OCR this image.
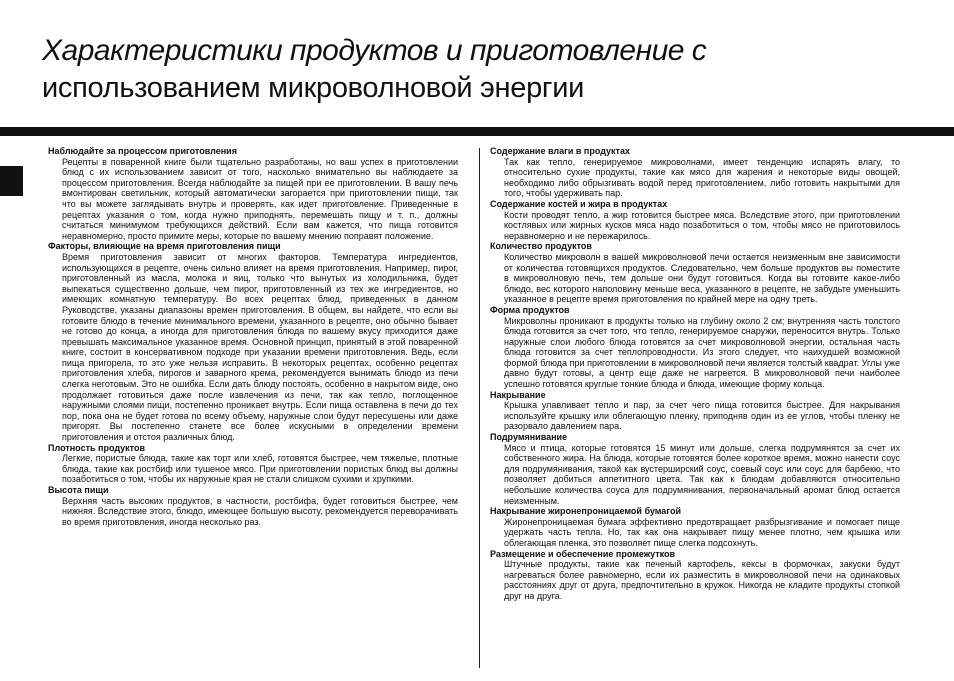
Характеристики продуктов и приготовление с
использованием микроволновой энергии
Наблюдайте за процессом приготовления

Рецепты в поваренной книге были тщательно разработаны, но ваш успех в приготовлении блюд с их использованием зависит от того, насколько внимательно вы наблюдаете за процессом приготовления. Всегда наблюдайте за пищей при ее приготовлении. В вашу печь вмонтирован светильник, который автоматически загорается при приготовлении пищи, так что вы можете заглядывать внутрь и проверять, как идет приготовление. Приведенные в рецептах указания о том, когда нужно приподнять, перемешать пищу и т. п., должны считаться минимумом требующихся действий. Если вам кажется, что пища готовится неравномерно, просто примите меры, которые по вашему мнению поправят положение.

Факторы, влияющие на время приготовления пищи

Время приготовления зависит от многих факторов. Температура ингредиентов, использующихся в рецепте, очень сильно влияет на время приготовления. Например, пирог, приготовленный из масла, молока и яиц, только что вынутых из холодильника, будет выпекаться существенно дольше, чем пирог, приготовленный из тех же ингредиентов, но имеющих комнатную температуру. Во всех рецептах блюд, приведенных в данном Руководстве, указаны диапазоны времен приготовления. В общем, вы найдете, что если вы готовите блюдо в течение минимального времени, указанного в рецепте, оно обычно бывает не готово до конца, а иногда для приготовления блюда по вашему вкусу приходится даже превышать максимальное указанное время. Основной принцип, принятый в этой поваренной книге, состоит в консервативном подходе при указании времени приготовления. Ведь, если пища пригорела, то это уже нельзя исправить. В некоторых рецептах, особенно рецептах приготовления хлеба, пирогов и заварного крема, рекомендуется вынимать блюдо из печи слегка неготовым. Это не ошибка. Если дать блюду постоять, особенно в накрытом виде, оно продолжает готовиться даже после извлечения из печи, так как тепло, поглощенное наружными слоями пищи, постепенно проникает внутрь. Если пища оставлена в печи до тех пор, пока она не будет готова по всему объему, наружные слои будут пересушены или даже пригорят. Вы постепенно станете все более искусными в определении времени приготовления и отстоя различных блюд.

Плотность продуктов

Легкие, пористые блюда, такие как торт или хлеб, готовятся быстрее, чем тяжелые, плотные блюда, такие как ростбиф или тушеное мясо. При приготовлении пористых блюд вы должны позаботиться о том, чтобы их наружные края не стали слишком сухими и хрупкими.

Высота пищи

Верхняя часть высоких продуктов, в частности, ростбифа, будет готовиться быстрее, чем нижняя. Вследствие этого, блюдо, имеющее большую высоту, рекомендуется переворачивать во время приготовления, иногда несколько раз.

Содержание влаги в продуктах

Так как тепло, генерируемое микроволнами, имеет тенденцию испарять влагу, то относительно сухие продукты, такие как мясо для жарения и некоторые виды овощей, необходимо либо обрызгивать водой перед приготовлением, либо готовить накрытыми для того, чтобы удерживать пар.

Содержание костей и жира в продуктах

Кости проводят тепло, а жир готовится быстрее мяса. Вследствие этого, при приготовлении костлявых или жирных кусков мяса надо позаботиться о том, чтобы мясо не приготовилось неравномерно и не пережарилось.

Количество продуктов

Количество микроволн в вашей микроволновой печи остается неизменным вне зависимости от количества готовящихся продуктов. Следовательно, чем больше продуктов вы поместите в микроволновую печь, тем дольше они будут готовиться. Когда вы готовите какое-либо блюдо, вес которого наполовину меньше веса, указанного в рецепте, не забудьте уменьшить указанное в рецепте время приготовления по крайней мере на одну треть.

Форма продуктов

Микроволны проникают в продукты только на глубину около 2 см; внутренняя часть толстого блюда готовится за счет того, что тепло, генерируемое снаружи, переносится внутрь. Только наружные слои любого блюда готовятся за счет микроволновой энергии, остальная часть блюда готовится за счет теплопроводности. Из этого следует, что наихудшей возможной формой блюда при приготовлении в микроволновой печи является толстый квадрат. Углы уже давно будут готовы, а центр еще даже не нагреется. В микроволновой печи наиболее успешно готовятся круглые тонкие блюда и блюда, имеющие форму кольца.

Накрывание

Крышка улавливает тепло и пар, за счет чего пища готовится быстрее. Для накрывания используйте крышку или облегающую пленку, приподняв один из ее углов, чтобы пленку не разорвало давлением пара.

Подрумянивание

Мясо и птица, которые готовятся 15 минут или дольше, слегка подрумянятся за счет их собственного жира. На блюда, которые готовятся более короткое время, можно нанести соус для подрумянивания, такой как вустерширский соус, соевый соус или соус для барбекю, что позволяет добиться аппетитного цвета. Так как к блюдам добавляются относительно небольшие количества соуса для подрумянивания, первоначальный аромат блюд остается неизменным.

Накрывание жиронепроницаемой бумагой

Жиронепроницаемая бумага эффективно предотвращает разбрызгивание и помогает пище удержать часть тепла. Но, так как она накрывает пищу менее плотно, чем крышка или облегающая пленка, это позволяет пище слегка подсохнуть.

Размещение и обеспечение промежутков

Штучные продукты, такие как печеный картофель, кексы в формочках, закуски будут нагреваться более равномерно, если их разместить в микроволновой печи на одинаковых расстояниях друг от друга, предпочтительно в кружок. Никогда не кладите продукты стопкой друг на друга.
